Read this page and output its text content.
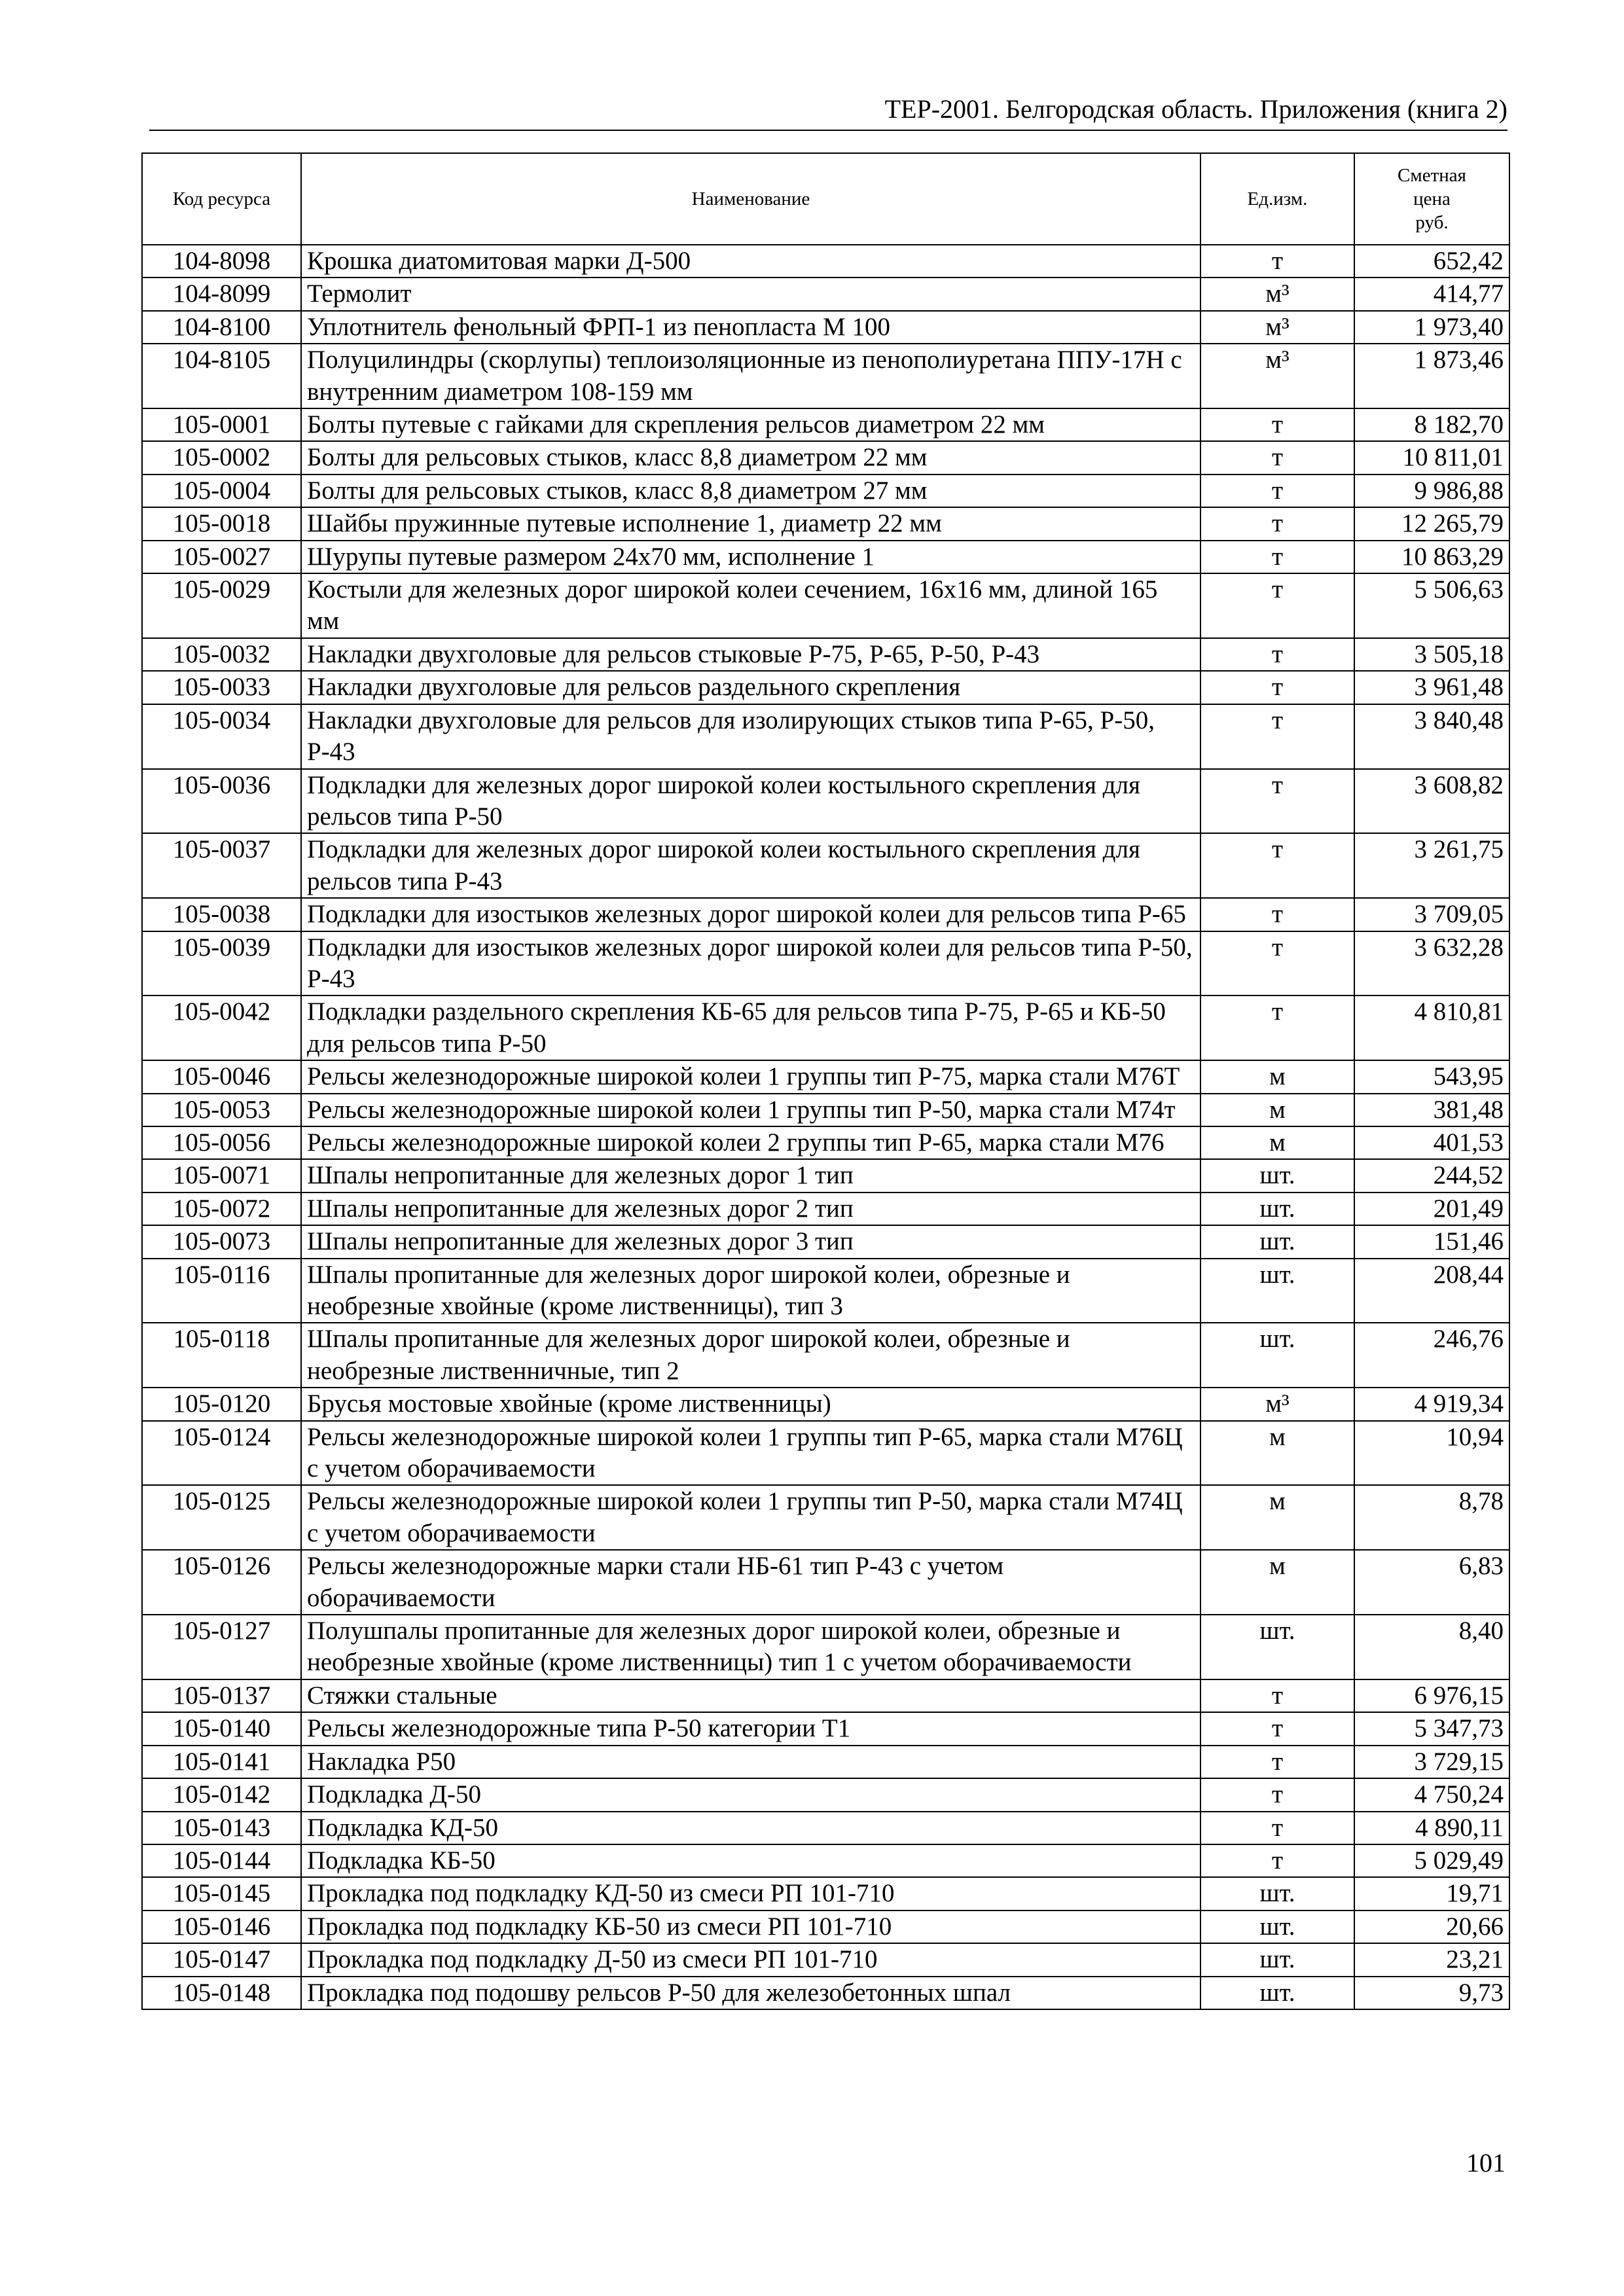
ТЕР-2001. Белгородская область. Приложения (книга 2)
Код ресурса	Наименование	Ед.изм.	Сметная
цена
руб.

104-8098	Крошка диатомитовая марки Д-500	т	652,42
104-8099	Термолит	м³	414,77
104-8100	Уплотнитель фенольный ФРП-1 из пенопласта М 100	м³	1 973,40
104-8105	Полуцилиндры (скорлупы) теплоизоляционные из пенополиуретана ППУ-17Н с внутренним диаметром 108-159 мм	м³	1 873,46
105-0001	Болты путевые с гайками для скрепления рельсов диаметром 22 мм	т	8 182,70
105-0002	Болты для рельсовых стыков, класс 8,8 диаметром 22 мм	т	10 811,01
105-0004	Болты для рельсовых стыков, класс 8,8 диаметром 27 мм	т	9 986,88
105-0018	Шайбы пружинные путевые исполнение 1, диаметр 22 мм	т	12 265,79
105-0027	Шурупы путевые размером 24х70 мм, исполнение 1	т	10 863,29
105-0029	Костыли для железных дорог широкой колеи сечением, 16х16 мм, длиной 165 мм	т	5 506,63
105-0032	Накладки двухголовые для рельсов стыковые Р-75, Р-65, Р-50, Р-43	т	3 505,18
105-0033	Накладки двухголовые для рельсов раздельного скрепления	т	3 961,48
105-0034	Накладки двухголовые для рельсов для изолирующих стыков типа Р-65, Р-50, Р-43	т	3 840,48
105-0036	Подкладки для железных дорог широкой колеи костыльного скрепления для рельсов типа Р-50	т	3 608,82
105-0037	Подкладки для железных дорог широкой колеи костыльного скрепления для рельсов типа Р-43	т	3 261,75
105-0038	Подкладки для изостыков железных дорог широкой колеи для рельсов типа Р-65	т	3 709,05
105-0039	Подкладки для изостыков железных дорог широкой колеи для рельсов типа Р-50, Р-43	т	3 632,28
105-0042	Подкладки раздельного скрепления КБ-65 для рельсов типа Р-75, Р-65 и КБ-50 для рельсов типа Р-50	т	4 810,81
105-0046	Рельсы железнодорожные широкой колеи 1 группы тип Р-75, марка стали М76Т	м	543,95
105-0053	Рельсы железнодорожные широкой колеи 1 группы тип Р-50, марка стали М74т	м	381,48
105-0056	Рельсы железнодорожные широкой колеи 2 группы тип Р-65, марка стали М76	м	401,53
105-0071	Шпалы непропитанные для железных дорог 1 тип	шт.	244,52
105-0072	Шпалы непропитанные для железных дорог 2 тип	шт.	201,49
105-0073	Шпалы непропитанные для железных дорог 3 тип	шт.	151,46
105-0116	Шпалы пропитанные для железных дорог широкой колеи, обрезные и необрезные хвойные (кроме лиственницы), тип 3	шт.	208,44
105-0118	Шпалы пропитанные для железных дорог широкой колеи, обрезные и необрезные лиственничные, тип 2	шт.	246,76
105-0120	Брусья мостовые хвойные (кроме лиственницы)	м³	4 919,34
105-0124	Рельсы железнодорожные широкой колеи 1 группы тип Р-65, марка стали М76Ц с учетом оборачиваемости	м	10,94
105-0125	Рельсы железнодорожные широкой колеи 1 группы тип Р-50, марка стали М74Ц с учетом оборачиваемости	м	8,78
105-0126	Рельсы железнодорожные марки стали НБ-61 тип Р-43 с учетом оборачиваемости	м	6,83
105-0127	Полушпалы пропитанные для железных дорог широкой колеи, обрезные и необрезные хвойные (кроме лиственницы) тип 1 с учетом оборачиваемости	шт.	8,40
105-0137	Стяжки стальные	т	6 976,15
105-0140	Рельсы железнодорожные типа Р-50 категории Т1	т	5 347,73
105-0141	Накладка Р50	т	3 729,15
105-0142	Подкладка Д-50	т	4 750,24
105-0143	Подкладка КД-50	т	4 890,11
105-0144	Подкладка КБ-50	т	5 029,49
105-0145	Прокладка под подкладку КД-50 из смеси РП 101-710	шт.	19,71
105-0146	Прокладка под подкладку КБ-50 из смеси РП 101-710	шт.	20,66
105-0147	Прокладка под подкладку Д-50 из смеси РП 101-710	шт.	23,21
105-0148	Прокладка под подошву рельсов Р-50 для железобетонных шпал	шт.	9,73
101
